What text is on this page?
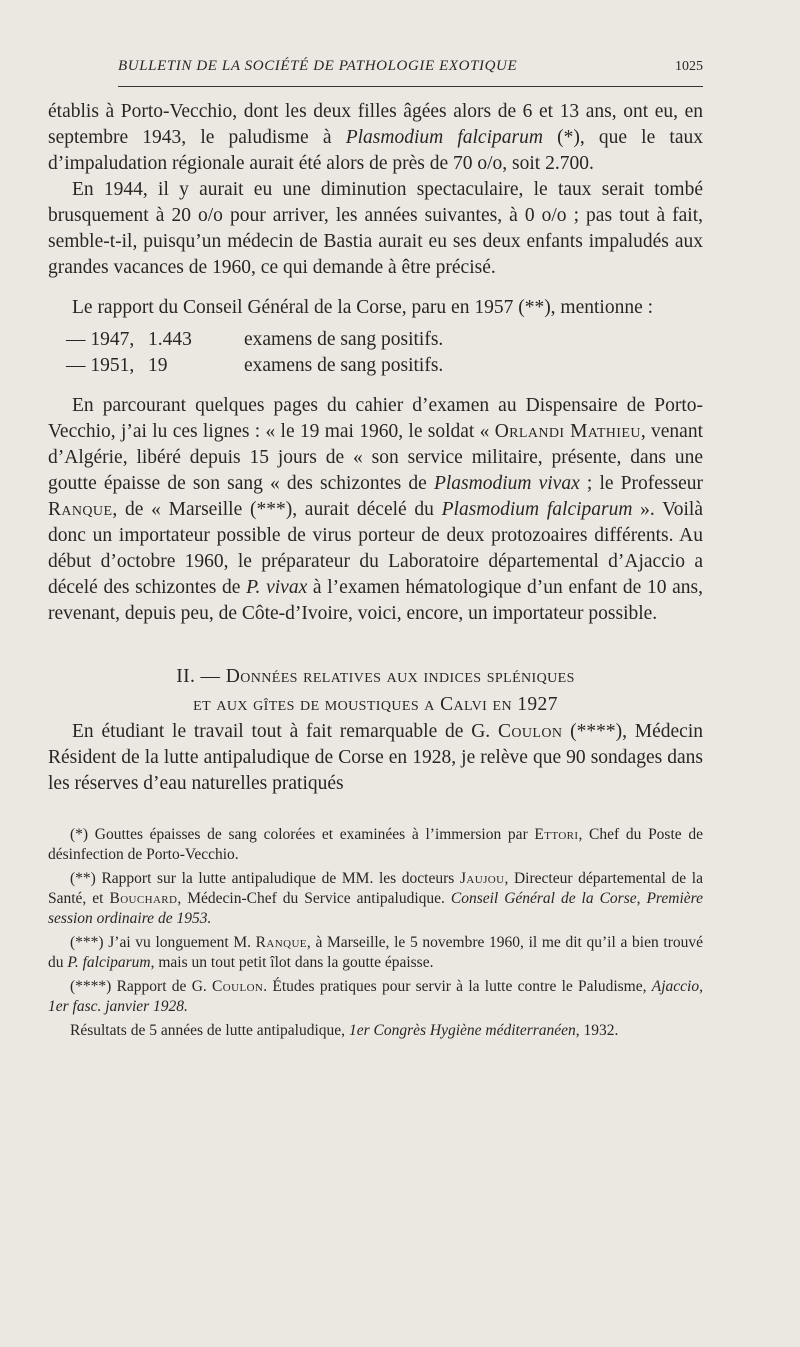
BULLETIN DE LA SOCIÉTÉ DE PATHOLOGIE EXOTIQUE	1025

établis à Porto-Vecchio, dont les deux filles âgées alors de 6 et 13 ans, ont eu, en septembre 1943, le paludisme à Plasmodium falciparum (*), que le taux d’impaludation régionale aurait été alors de près de 70 o/o, soit 2.700.

En 1944, il y aurait eu une diminution spectaculaire, le taux serait tombé brusquement à 20 o/o pour arriver, les années suivantes, à 0 o/o ; pas tout à fait, semble-t-il, puisqu’un médecin de Bastia aurait eu ses deux enfants impaludés aux grandes vacances de 1960, ce qui demande à être précisé.

Le rapport du Conseil Général de la Corse, paru en 1957 (**), mentionne :

— 1947, 1.443	examens de sang positifs.
— 1951, 19	examens de sang positifs.

En parcourant quelques pages du cahier d’examen au Dispensaire de Porto-Vecchio, j’ai lu ces lignes : « le 19 mai 1960, le soldat « Orlandi Mathieu, venant d’Algérie, libéré depuis 15 jours de « son service militaire, présente, dans une goutte épaisse de son sang « des schizontes de Plasmodium vivax ; le Professeur Ranque, de « Marseille (***), aurait décelé du Plasmodium falciparum ». Voilà donc un importateur possible de virus porteur de deux protozoaires différents. Au début d’octobre 1960, le préparateur du Laboratoire départemental d’Ajaccio a décelé des schizontes de P. vivax à l’examen hématologique d’un enfant de 10 ans, revenant, depuis peu, de Côte-d’Ivoire, voici, encore, un importateur possible.

II. — Données relatives aux indices spléniques
et aux gîtes de moustiques a Calvi en 1927

En étudiant le travail tout à fait remarquable de G. Coulon (****), Médecin Résident de la lutte antipaludique de Corse en 1928, je relève que 90 sondages dans les réserves d’eau naturelles pratiqués

(*) Gouttes épaisses de sang colorées et examinées à l’immersion par Ettori, Chef du Poste de désinfection de Porto-Vecchio.

(**) Rapport sur la lutte antipaludique de MM. les docteurs Jaujou, Directeur départemental de la Santé, et Bouchard, Médecin-Chef du Service antipaludique. Conseil Général de la Corse, Première session ordinaire de 1953.

(***) J’ai vu longuement M. Ranque, à Marseille, le 5 novembre 1960, il me dit qu’il a bien trouvé du P. falciparum, mais un tout petit îlot dans la goutte épaisse.

(****) Rapport de G. Coulon. Études pratiques pour servir à la lutte contre le Paludisme, Ajaccio, 1er fasc. janvier 1928.

Résultats de 5 années de lutte antipaludique, 1er Congrès Hygiène méditerranéen, 1932.
